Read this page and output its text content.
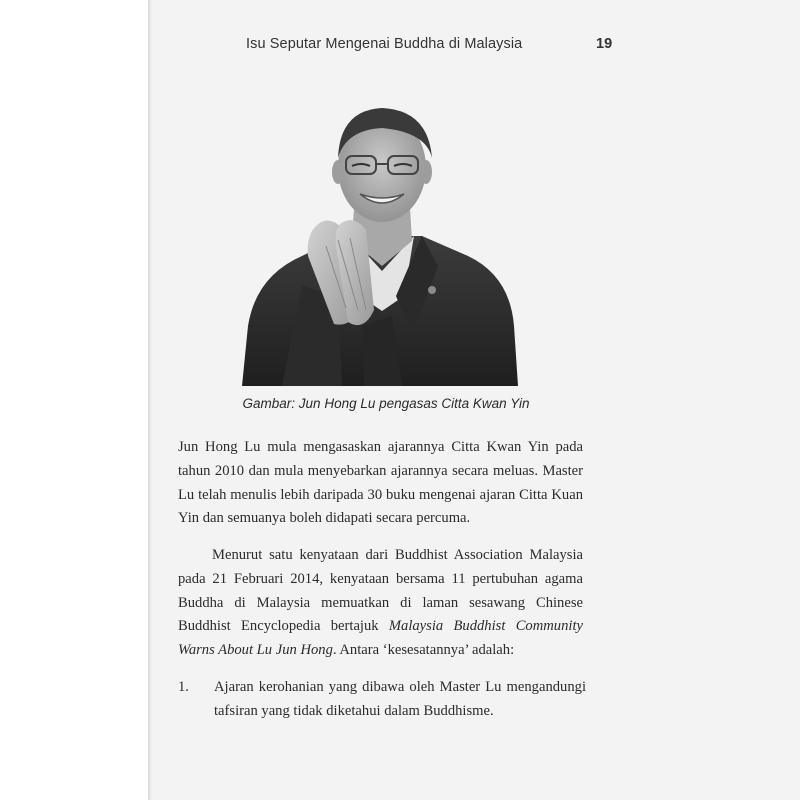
Isu Seputar Mengenai Buddha di Malaysia	19
Gambar: Jun Hong Lu pengasas Citta Kwan Yin

Jun Hong Lu mula mengasaskan ajarannya Citta Kwan Yin pada tahun 2010 dan mula menyebarkan ajarannya secara meluas. Master Lu telah menulis lebih daripada 30 buku mengenai ajaran Citta Kuan Yin dan semuanya boleh didapati secara percuma.

Menurut satu kenyataan dari Buddhist Association Malaysia pada 21 Februari 2014, kenyataan bersama 11 pertubuhan agama Buddha di Malaysia memuatkan di laman sesawang Chinese Buddhist Encyclopedia bertajuk Malaysia Buddhist Community Warns About Lu Jun Hong. Antara ‘kesesatannya’ adalah:

1. Ajaran kerohanian yang dibawa oleh Master Lu mengandungi tafsiran yang tidak diketahui dalam Buddhisme.
